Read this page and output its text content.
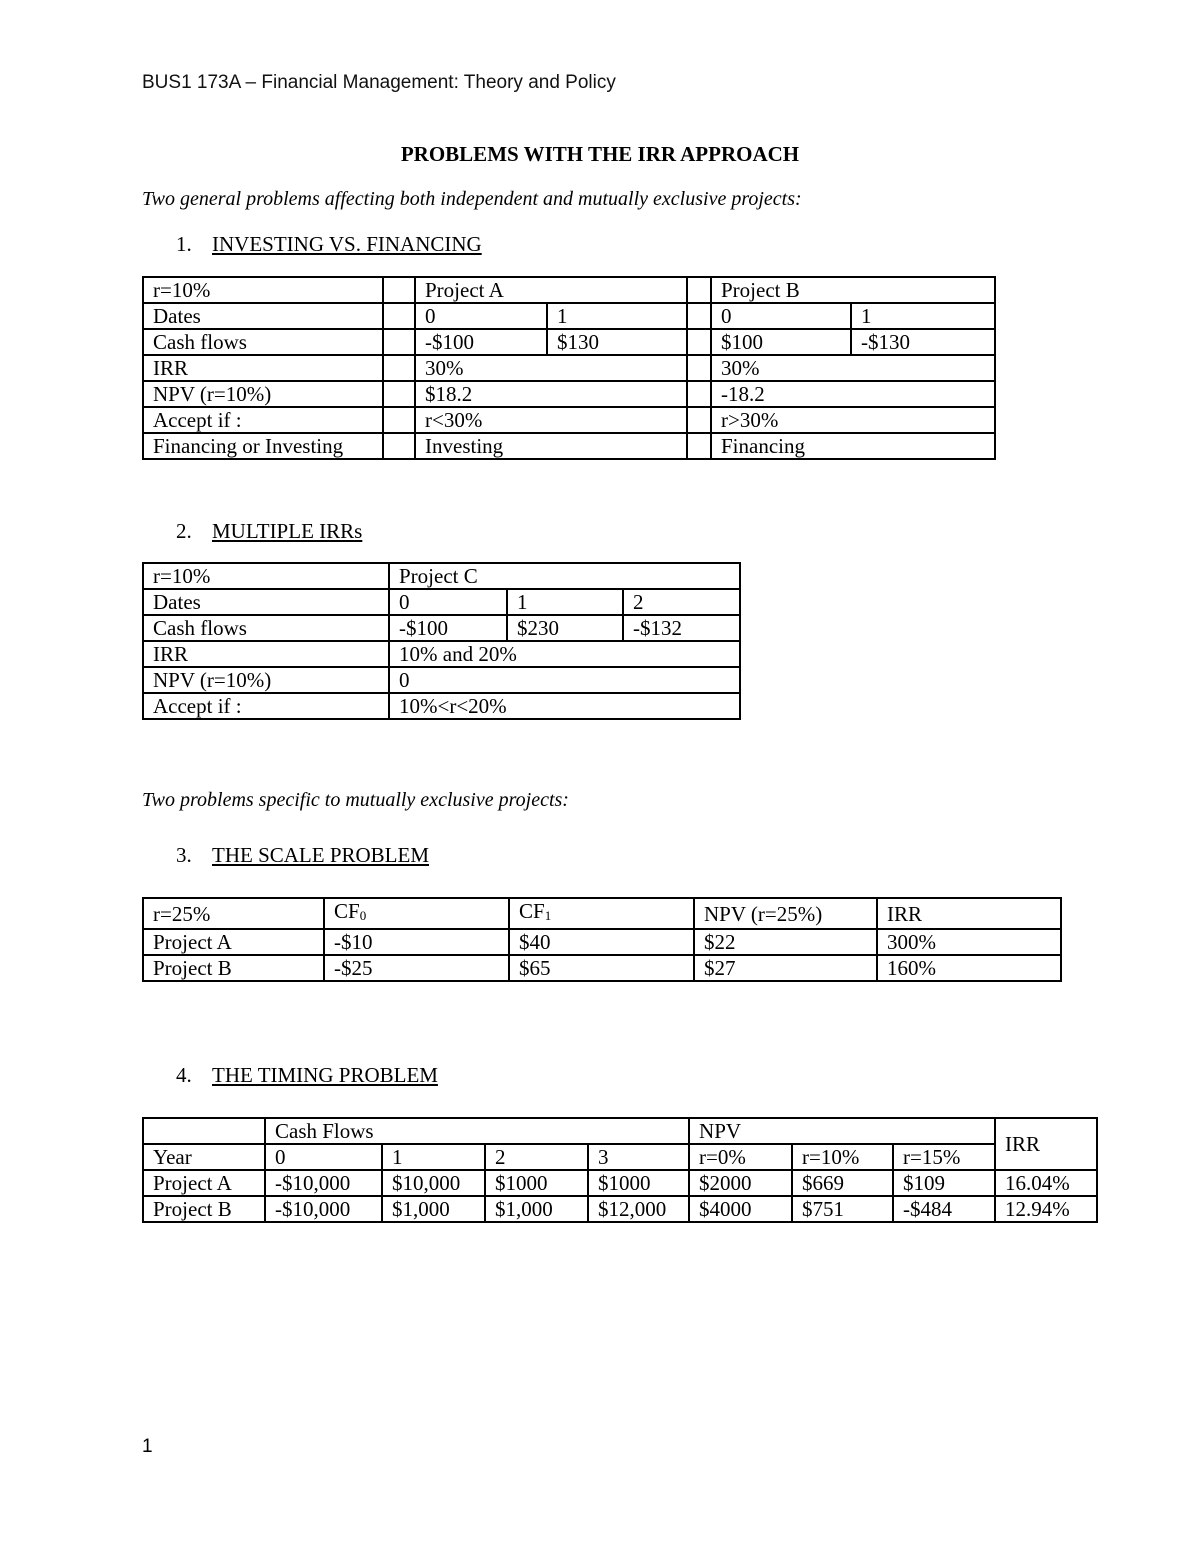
BUS1 173A – Financial Management: Theory and Policy
PROBLEMS WITH THE IRR APPROACH
Two general problems affecting both independent and mutually exclusive projects:
1. INVESTING VS. FINANCING
r=10%		Project A			Project B	
Dates		0	1		0	1
Cash flows		-$100	$130		$100	-$130
IRR		30%			30%	
NPV (r=10%)		$18.2			-18.2	
Accept if :		r<30%			r>30%	
Financing or Investing		Investing			Financing	
2. MULTIPLE IRRs
r=10%	Project C		
Dates	0	1	2
Cash flows	-$100	$230	-$132
IRR	10% and 20%		
NPV (r=10%)	0		
Accept if :	10%<r<20%		
Two problems specific to mutually exclusive projects:
3. THE SCALE PROBLEM
r=25%	$CF_0$	$CF_1$	NPV (r=25%)	IRR
Project A	-$10	$40	$22	300%
Project B	-$25	$65	$27	160%
4. THE TIMING PROBLEM
	Cash Flows				NPV			IRR
Year	0	1	2	3	r=0%	r=10%	r=15%	
Project A	-$10,000	$10,000	$1000	$1000	$2000	$669	$109	16.04%
Project B	-$10,000	$1,000	$1,000	$12,000	$4000	$751	-$484	12.94%
1
